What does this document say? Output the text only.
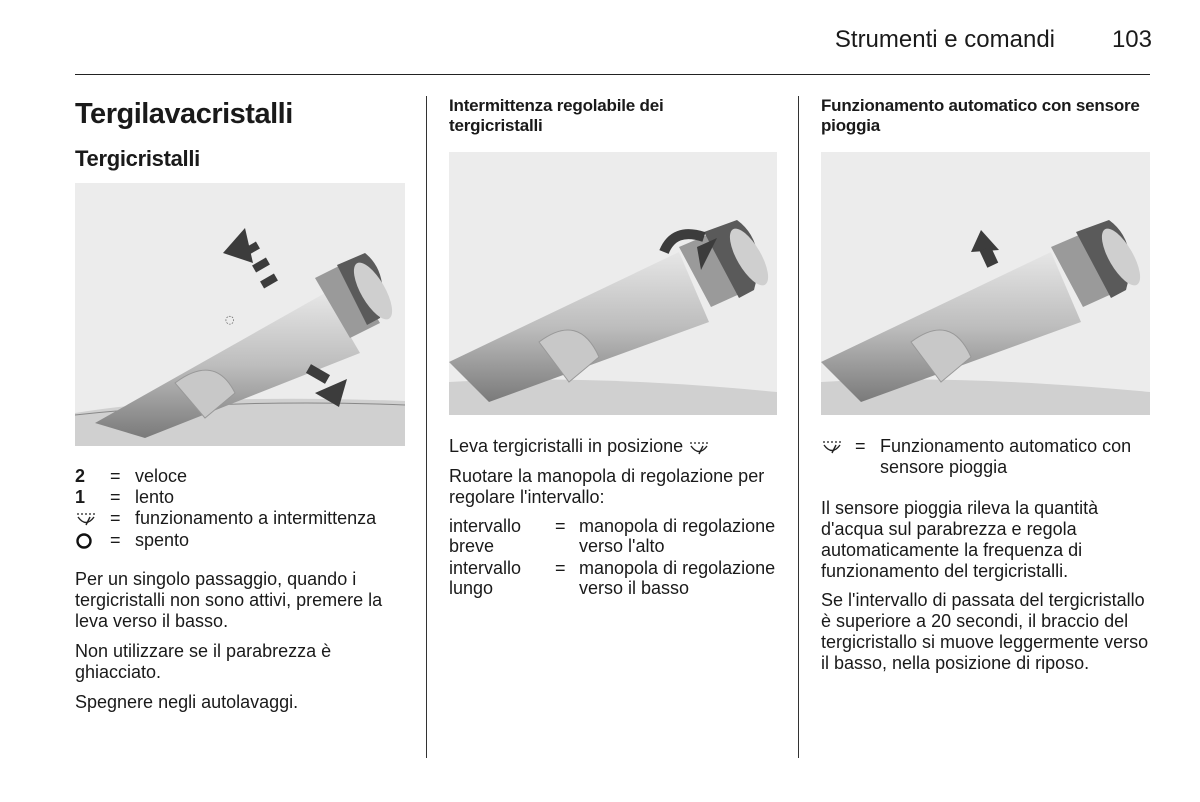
Strumenti e comandi 103
Tergilavacristalli
Tergicristalli
◌
2 = veloce
1 = lento
= funzionamento a intermittenza
= spento

Per un singolo passaggio, quando i tergicristalli non sono attivi, premere la leva verso il basso.

Non utilizzare se il parabrezza è ghiacciato.

Spegnere negli autolavaggi.

Intermittenza regolabile dei tergicristalli
Leva tergicristalli in posizione

Ruotare la manopola di regolazione per regolare l'intervallo:

intervallo breve
= manopola di regolazione verso l'alto
intervallo lungo
= manopola di regolazione verso il basso
Funzionamento automatico con sensore pioggia
= Funzionamento automatico con sensore pioggia

Il sensore pioggia rileva la quantità d'acqua sul parabrezza e regola automaticamente la frequenza di funzionamento del tergicristalli.

Se l'intervallo di passata del tergicristallo è superiore a 20 secondi, il braccio del tergicristallo si muove leggermente verso il basso, nella posizione di riposo.
